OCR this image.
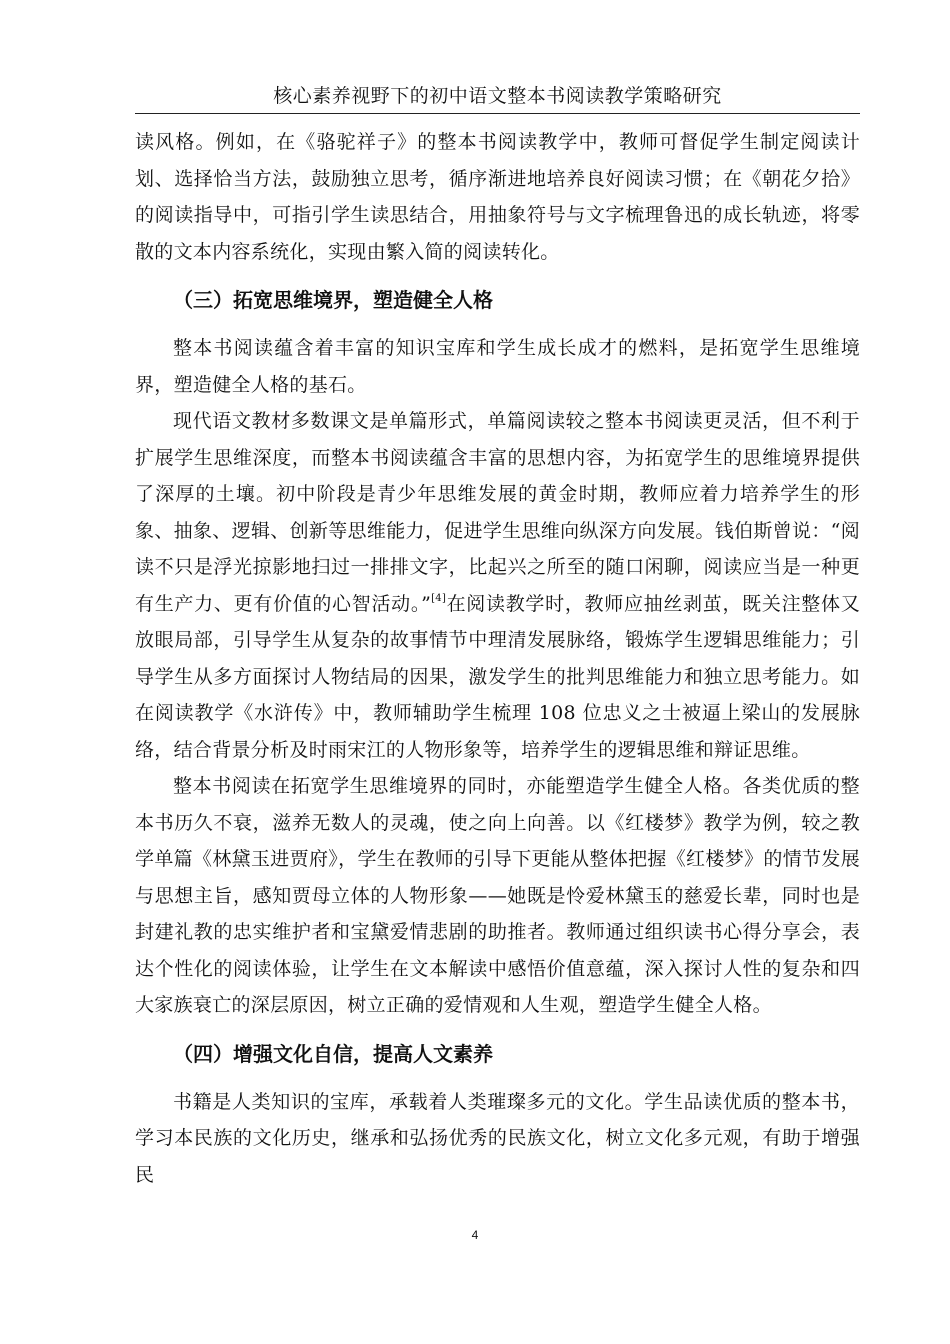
核心素养视野下的初中语文整本书阅读教学策略研究

读风格。例如，在《骆驼祥子》的整本书阅读教学中，教师可督促学生制定阅读计划、选择恰当方法，鼓励独立思考，循序渐进地培养良好阅读习惯；在《朝花夕拾》的阅读指导中，可指引学生读思结合，用抽象符号与文字梳理鲁迅的成长轨迹，将零散的文本内容系统化，实现由繁入简的阅读转化。

（三）拓宽思维境界，塑造健全人格

整本书阅读蕴含着丰富的知识宝库和学生成长成才的燃料，是拓宽学生思维境界，塑造健全人格的基石。

现代语文教材多数课文是单篇形式，单篇阅读较之整本书阅读更灵活，但不利于扩展学生思维深度，而整本书阅读蕴含丰富的思想内容，为拓宽学生的思维境界提供了深厚的土壤。初中阶段是青少年思维发展的黄金时期，教师应着力培养学生的形象、抽象、逻辑、创新等思维能力，促进学生思维向纵深方向发展。钱伯斯曾说：“阅读不只是浮光掠影地扫过一排排文字，比起兴之所至的随口闲聊，阅读应当是一种更有生产力、更有价值的心智活动。”[4]在阅读教学时，教师应抽丝剥茧，既关注整体又放眼局部，引导学生从复杂的故事情节中理清发展脉络，锻炼学生逻辑思维能力；引导学生从多方面探讨人物结局的因果，激发学生的批判思维能力和独立思考能力。如在阅读教学《水浒传》中，教师辅助学生梳理 108 位忠义之士被逼上梁山的发展脉络，结合背景分析及时雨宋江的人物形象等，培养学生的逻辑思维和辩证思维。

整本书阅读在拓宽学生思维境界的同时，亦能塑造学生健全人格。各类优质的整本书历久不衰，滋养无数人的灵魂，使之向上向善。以《红楼梦》教学为例，较之教学单篇《林黛玉进贾府》，学生在教师的引导下更能从整体把握《红楼梦》的情节发展与思想主旨，感知贾母立体的人物形象——她既是怜爱林黛玉的慈爱长辈，同时也是封建礼教的忠实维护者和宝黛爱情悲剧的助推者。教师通过组织读书心得分享会，表达个性化的阅读体验，让学生在文本解读中感悟价值意蕴，深入探讨人性的复杂和四大家族衰亡的深层原因，树立正确的爱情观和人生观，塑造学生健全人格。

（四）增强文化自信，提高人文素养

书籍是人类知识的宝库，承载着人类璀璨多元的文化。学生品读优质的整本书，学习本民族的文化历史，继承和弘扬优秀的民族文化，树立文化多元观，有助于增强民

4
